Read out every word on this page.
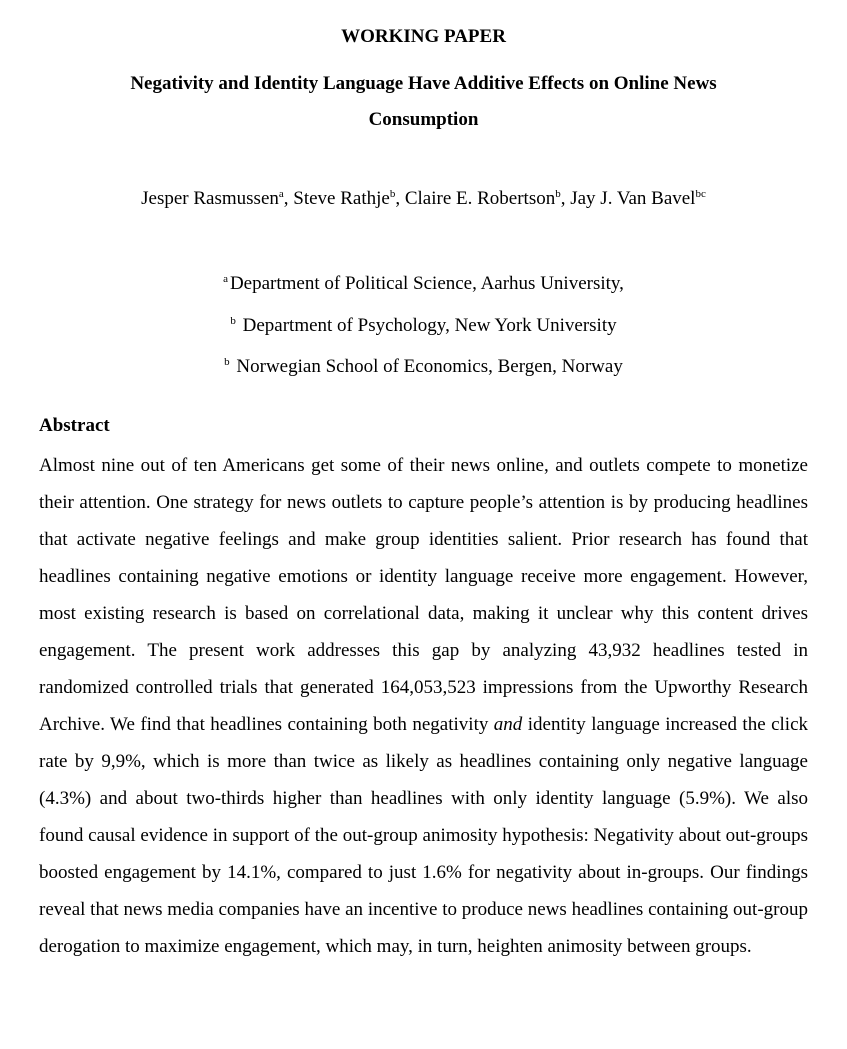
WORKING PAPER
Negativity and Identity Language Have Additive Effects on Online News Consumption
Jesper Rasmussen$^a$, Steve Rathje$^b$, Claire E. Robertson$^b$, Jay J. Van Bavel$^{bc}$
$^a$ Department of Political Science, Aarhus University,
$^b$ Department of Psychology, New York University
$^b$ Norwegian School of Economics, Bergen, Norway
Abstract
Almost nine out of ten Americans get some of their news online, and outlets compete to monetize their attention. One strategy for news outlets to capture people’s attention is by producing headlines that activate negative feelings and make group identities salient. Prior research has found that headlines containing negative emotions or identity language receive more engagement. However, most existing research is based on correlational data, making it unclear why this content drives engagement. The present work addresses this gap by analyzing 43,932 headlines tested in randomized controlled trials that generated 164,053,523 impressions from the Upworthy Research Archive. We find that headlines containing both negativity and identity language increased the click rate by 9,9%, which is more than twice as likely as headlines containing only negative language (4.3%) and about two-thirds higher than headlines with only identity language (5.9%). We also found causal evidence in support of the out-group animosity hypothesis: Negativity about out-groups boosted engagement by 14.1%, compared to just 1.6% for negativity about in-groups. Our findings reveal that news media companies have an incentive to produce news headlines containing out-group derogation to maximize engagement, which may, in turn, heighten animosity between groups.
